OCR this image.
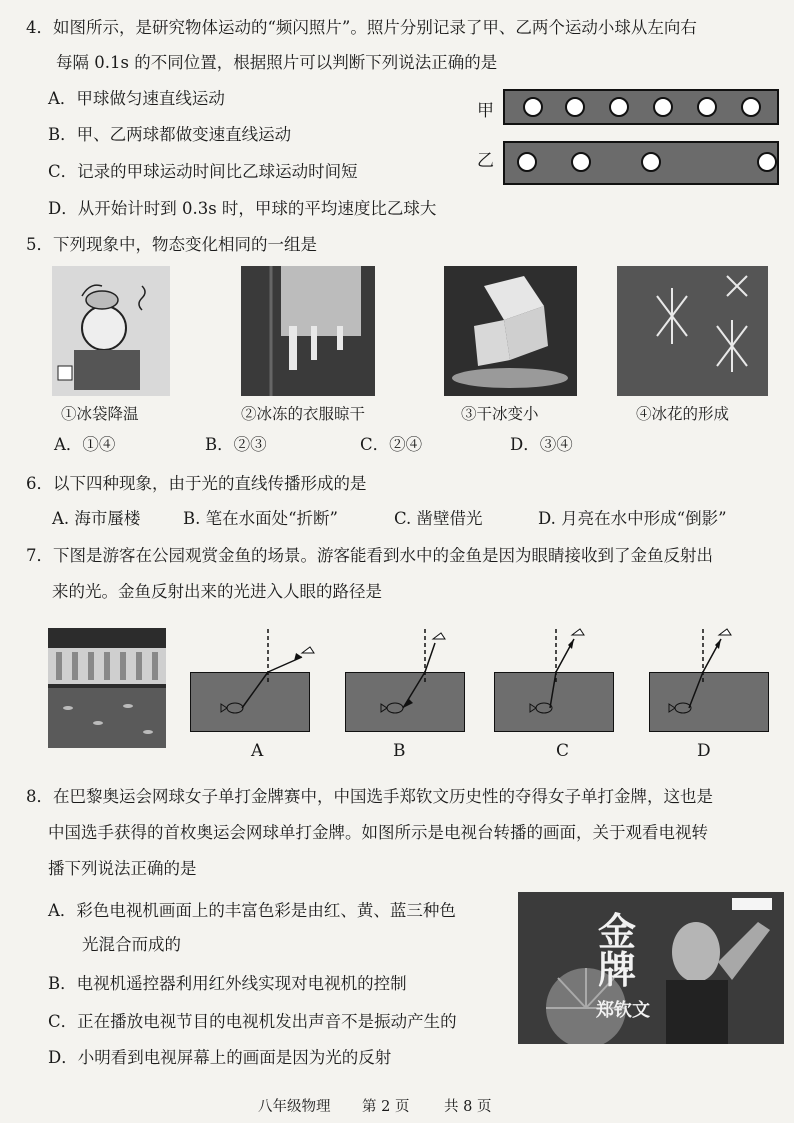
4．如图所示，是研究物体运动的“频闪照片”。照片分别记录了甲、乙两个运动小球从左向右
每隔 0.1s 的不同位置，根据照片可以判断下列说法正确的是
A．甲球做匀速直线运动
B．甲、乙两球都做变速直线运动
C．记录的甲球运动时间比乙球运动时间短
D．从开始计时到 0.3s 时，甲球的平均速度比乙球大
甲
乙
5．下列现象中，物态变化相同的一组是
①冰袋降温	②冰冻的衣服晾干	③干冰变小	④冰花的形成
A．①④	B．②③	C．②④	D．③④
6．以下四种现象，由于光的直线传播形成的是
A. 海市蜃楼	B. 笔在水面处“折断”	C. 凿壁借光	D. 月亮在水中形成“倒影”
7．下图是游客在公园观赏金鱼的场景。游客能看到水中的金鱼是因为眼睛接收到了金鱼反射出
来的光。金鱼反射出来的光进入人眼的路径是
A	B	C	D
8．在巴黎奥运会网球女子单打金牌赛中，中国选手郑钦文历史性的夺得女子单打金牌，这也是
中国选手获得的首枚奥运会网球单打金牌。如图所示是电视台转播的画面，关于观看电视转
播下列说法正确的是
A．彩色电视机画面上的丰富色彩是由红、黄、蓝三种色
光混合而成的
B．电视机遥控器利用红外线实现对电视机的控制
C．正在播放电视节目的电视机发出声音不是振动产生的
D．小明看到电视屏幕上的画面是因为光的反射
金
牌
郑钦文
八年级物理 第 2 页 共 8 页
